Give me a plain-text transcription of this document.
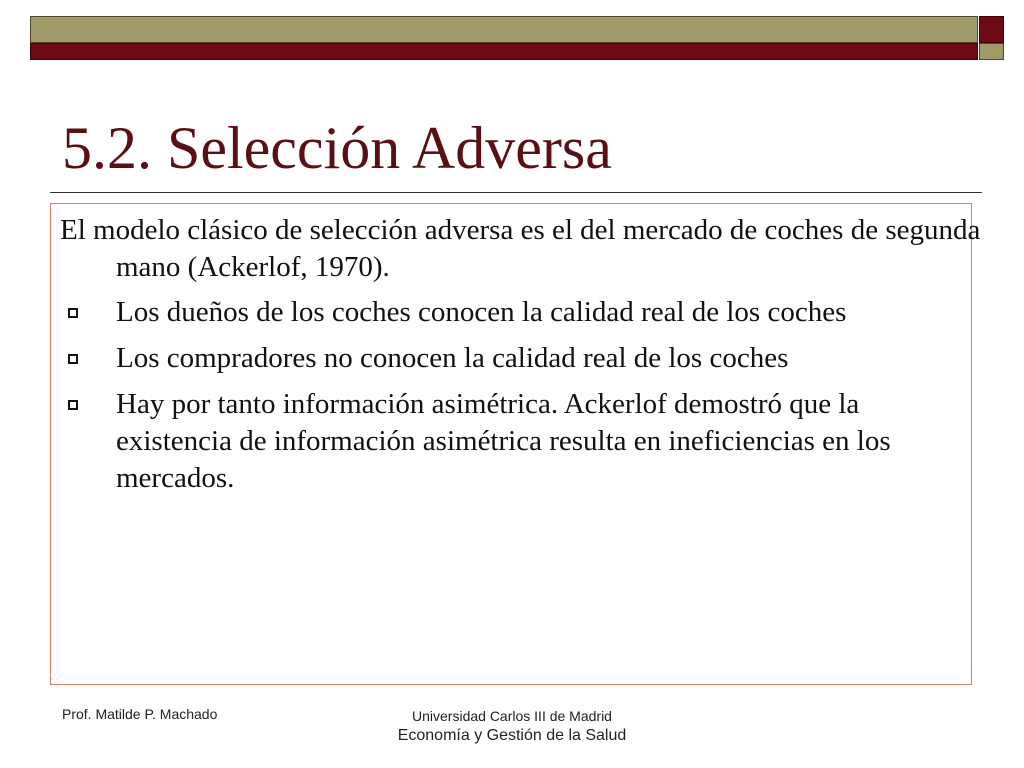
5.2. Selección Adversa

El modelo clásico de selección adversa es el del mercado de coches de segunda mano (Ackerlof, 1970).

Los dueños de los coches conocen la calidad real de los coches
Los compradores no conocen la calidad real de los coches
Hay por tanto información asimétrica. Ackerlof demostró que la existencia de información asimétrica resulta en ineficiencias en los mercados.
Prof. Matilde P. Machado	Universidad Carlos III de Madrid
Economía y Gestión de la Salud
